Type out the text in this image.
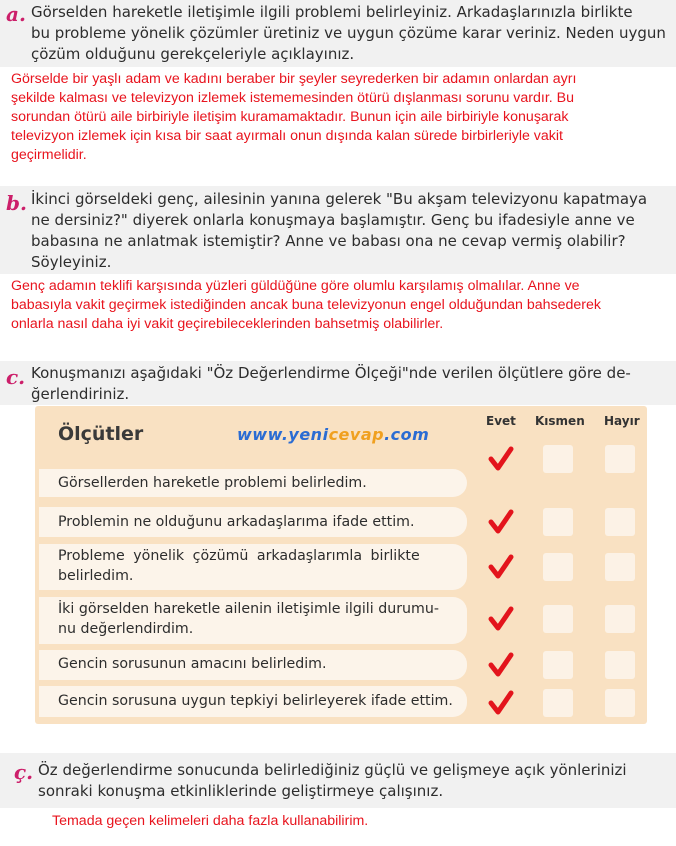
a. Görselden hareketle iletişimle ilgili problemi belirleyiniz. Arkadaşlarınızla birlikte
bu probleme yönelik çözümler üretiniz ve uygun çözüme karar veriniz. Neden uygun
çözüm olduğunu gerekçeleriyle açıklayınız.
Görselde bir yaşlı adam ve kadını beraber bir şeyler seyrederken bir adamın onlardan ayrı
şekilde kalması ve televizyon izlemek istememesinden ötürü dışlanması sorunu vardır. Bu
sorundan ötürü aile birbiriyle iletişim kuramamaktadır. Bunun için aile birbiriyle konuşarak
televizyon izlemek için kısa bir saat ayırmalı onun dışında kalan sürede birbirleriyle vakit
geçirmelidir.
b. İkinci görseldeki genç, ailesinin yanına gelerek "Bu akşam televizyonu kapatmaya
ne dersiniz?" diyerek onlarla konuşmaya başlamıştır. Genç bu ifadesiyle anne ve
babasına ne anlatmak istemiştir? Anne ve babası ona ne cevap vermiş olabilir?
Söyleyiniz.
Genç adamın teklifi karşısında yüzleri güldüğüne göre olumlu karşılamış olmalılar. Anne ve
babasıyla vakit geçirmek istediğinden ancak buna televizyonun engel olduğundan bahsederek
onlarla nasıl daha iyi vakit geçirebileceklerinden bahsetmiş olabilirler.
c. Konuşmanızı aşağıdaki "Öz Değerlendirme Ölçeği"nde verilen ölçütlere göre de-
ğerlendiriniz.
Ölçütler	www.yenicevap.com
Evet Kısmen Hayır
Görsellerden hareketle problemi belirledim.
Problemin ne olduğunu arkadaşlarıma ifade ettim.
Probleme yönelik çözümü arkadaşlarımla birlikte
belirledim.
İki görselden hareketle ailenin iletişimle ilgili durumu-
nu değerlendirdim.
Gencin sorusunun amacını belirledim.
Gencin sorusuna uygun tepkiyi belirleyerek ifade ettim.
ç. Öz değerlendirme sonucunda belirlediğiniz güçlü ve gelişmeye açık yönlerinizi
sonraki konuşma etkinliklerinde geliştirmeye çalışınız.
Temada geçen kelimeleri daha fazla kullanabilirim.
